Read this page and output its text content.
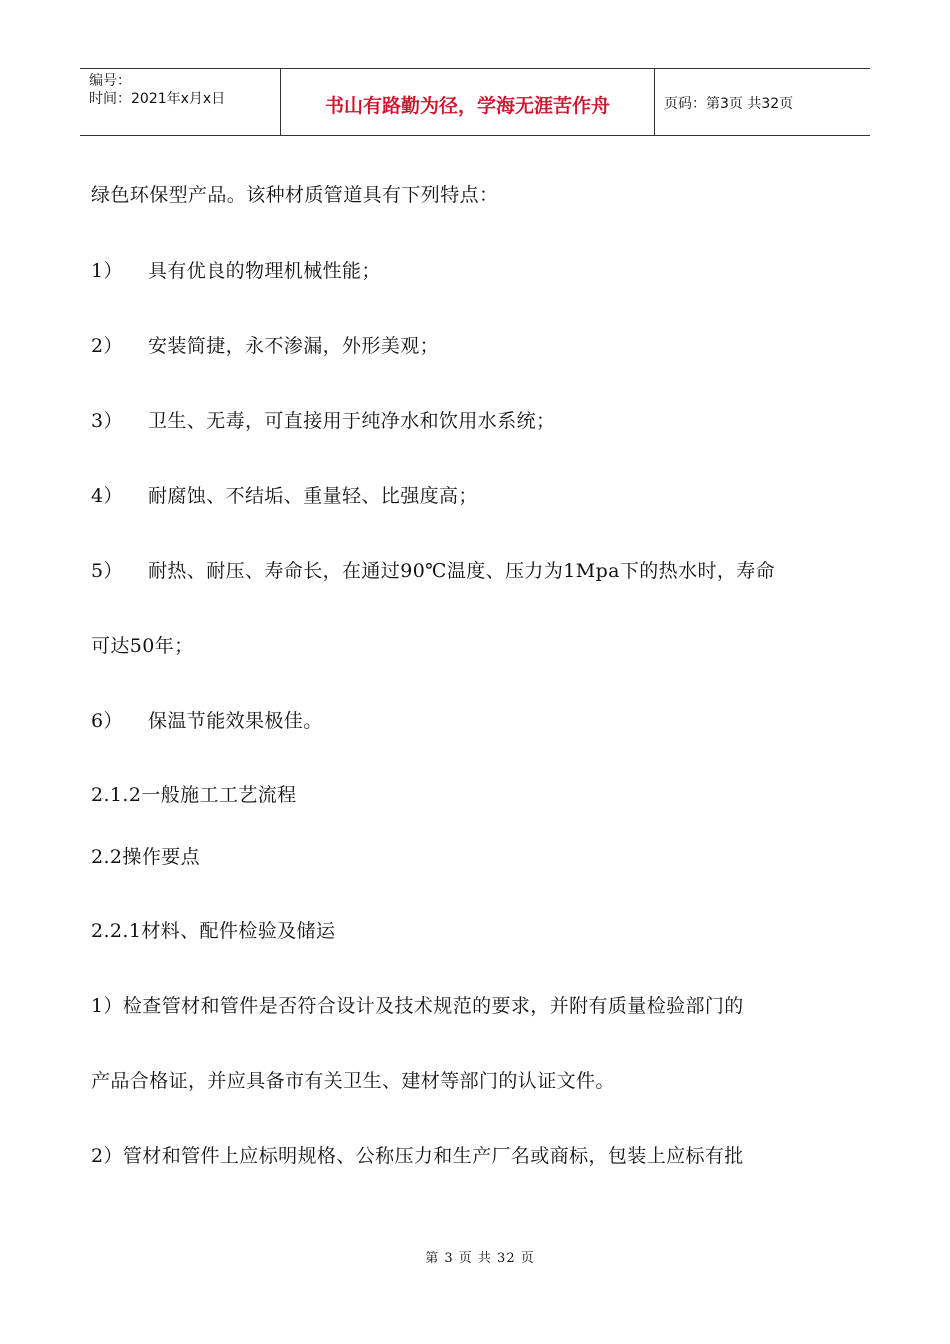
编号：
时间：2021年x月x日	书山有路勤为径，学海无涯苦作舟	页码：第3页 共32页
绿色环保型产品。该种材质管道具有下列特点：
1） 具有优良的物理机械性能；
2） 安装简捷，永不渗漏，外形美观；
3） 卫生、无毒，可直接用于纯净水和饮用水系统；
4） 耐腐蚀、不结垢、重量轻、比强度高；
5） 耐热、耐压、寿命长，在通过90℃温度、压力为1Mpa下的热水时，寿命
可达50年；
6） 保温节能效果极佳。
2.1.2一般施工工艺流程
2.2操作要点
2.2.1材料、配件检验及储运
1）检查管材和管件是否符合设计及技术规范的要求，并附有质量检验部门的
产品合格证，并应具备市有关卫生、建材等部门的认证文件。
2）管材和管件上应标明规格、公称压力和生产厂名或商标，包装上应标有批
第 3 页 共 32 页
